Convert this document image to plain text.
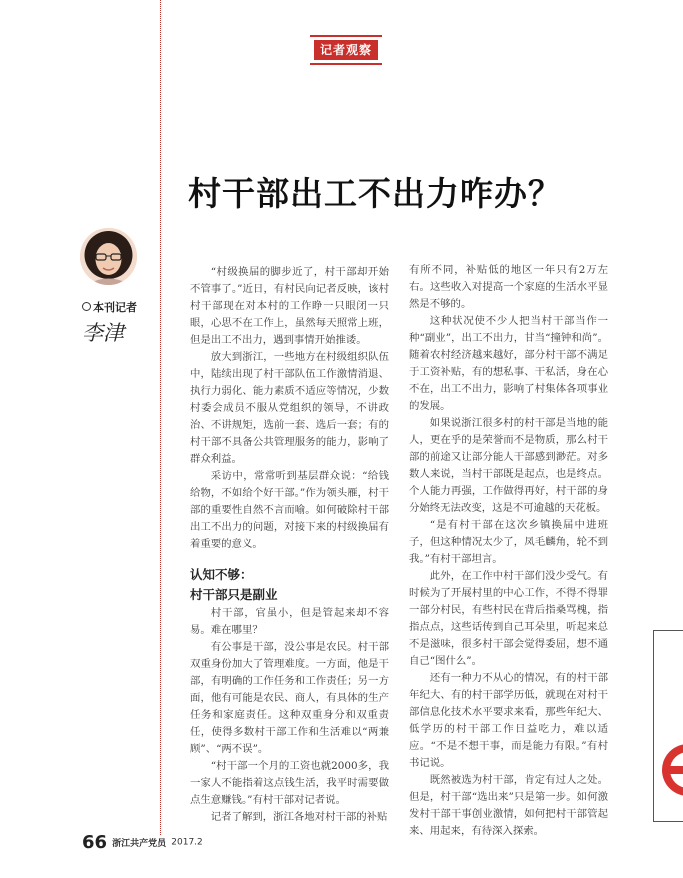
记者观察
村干部出工不出力咋办？
本刊记者
李津

“村级换届的脚步近了，村干部却开始不管事了。”近日，有村民向记者反映，该村村干部现在对本村的工作睁一只眼闭一只眼，心思不在工作上，虽然每天照常上班，但是出工不出力，遇到事情开始推诿。

放大到浙江，一些地方在村级组织队伍中，陆续出现了村干部队伍工作激情消退、执行力弱化、能力素质不适应等情况，少数村委会成员不服从党组织的领导，不讲政治、不讲规矩，选前一套、选后一套；有的村干部不具备公共管理服务的能力，影响了群众利益。

采访中，常常听到基层群众说：“给钱给物，不如给个好干部。”作为领头雁，村干部的重要性自然不言而喻。如何破除村干部出工不出力的问题，对接下来的村级换届有着重要的意义。

认知不够：

村干部只是副业

村干部，官虽小，但是管起来却不容易。难在哪里？

有公事是干部，没公事是农民。村干部双重身份加大了管理难度。一方面，他是干部，有明确的工作任务和工作责任；另一方面，他有可能是农民、商人，有具体的生产任务和家庭责任。这种双重身分和双重责任，使得多数村干部工作和生活难以“两兼顾”、“两不误”。

“村干部一个月的工资也就2000多，我一家人不能指着这点钱生活，我平时需要做点生意赚钱。”有村干部对记者说。

记者了解到，浙江各地对村干部的补贴

有所不同，补贴低的地区一年只有2万左右。这些收入对提高一个家庭的生活水平显然是不够的。

这种状况使不少人把当村干部当作一种“副业”，出工不出力，甘当“撞钟和尚”。随着农村经济越来越好，部分村干部不满足于工资补贴，有的想私事、干私活，身在心不在，出工不出力，影响了村集体各项事业的发展。

如果说浙江很多村的村干部是当地的能人，更在乎的是荣誉而不是物质，那么村干部的前途又让部分能人干部感到渺茫。对多数人来说，当村干部既是起点，也是终点。个人能力再强，工作做得再好，村干部的身分始终无法改变，这是不可逾越的天花板。

“是有村干部在这次乡镇换届中进班子，但这种情况太少了，凤毛麟角，轮不到我。”有村干部坦言。

此外，在工作中村干部们没少受气。有时候为了开展村里的中心工作，不得不得罪一部分村民，有些村民在背后指桑骂槐，指指点点，这些话传到自己耳朵里，听起来总不是滋味，很多村干部会觉得委屈，想不通自己“图什么”。

还有一种力不从心的情况，有的村干部年纪大、有的村干部学历低，就现在对村干部信息化技术水平要求来看，那些年纪大、低学历的村干部工作日益吃力，难以适应。“不是不想干事，而是能力有限。”有村书记说。

既然被选为村干部，肯定有过人之处。但是，村干部“选出来”只是第一步。如何激发村干部干事创业激情，如何把村干部管起来、用起来，有待深入探索。

66 浙江共产党员 2017.2
